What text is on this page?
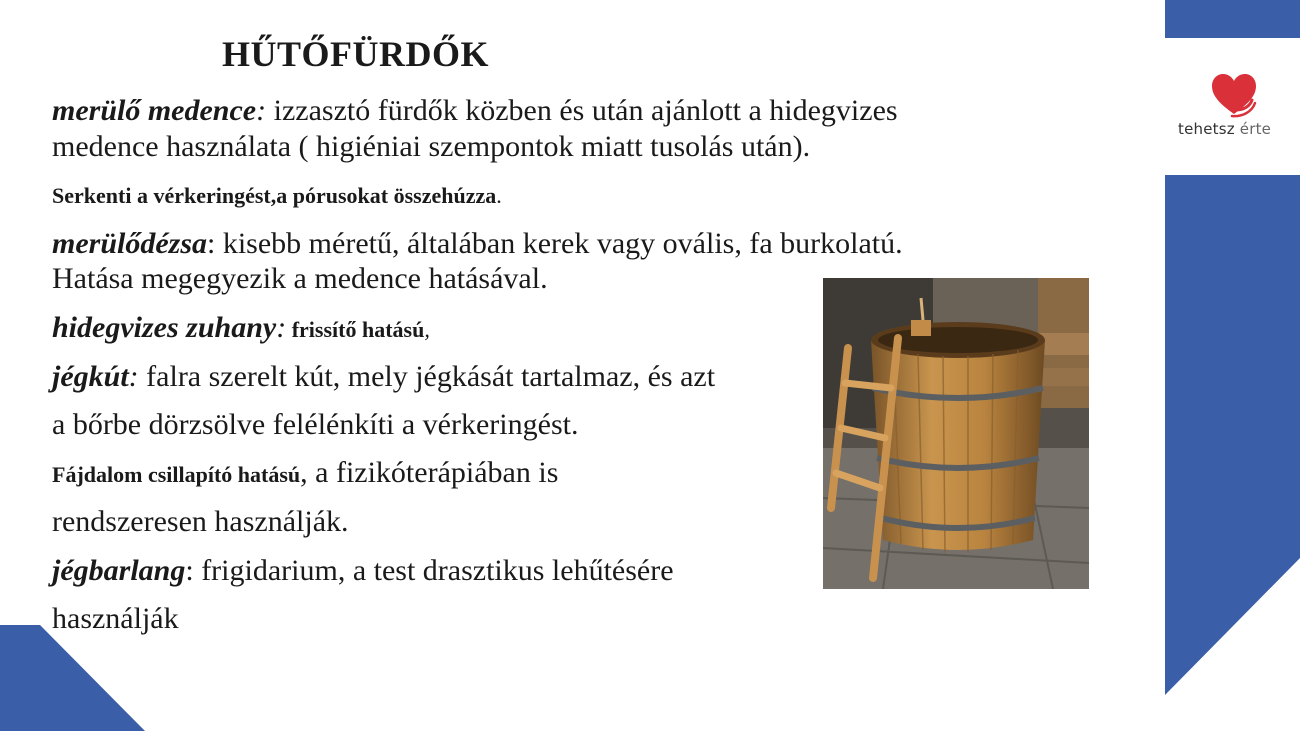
tehetsz érte
HŰTŐFÜRDŐK

merülő medence: izzasztó fürdők közben és után ajánlott a hidegvizes

medence használata ( higiéniai szempontok miatt tusolás után).

Serkenti a vérkeringést,a pórusokat összehúzza.

merülődézsa: kisebb méretű, általában kerek vagy ovális, fa burkolatú.

Hatása megegyezik a medence hatásával.

hidegvizes zuhany: frissítő hatású,

jégkút: falra szerelt kút, mely jégkását tartalmaz, és azt

a bőrbe dörzsölve felélénkíti a vérkeringést.

Fájdalom csillapító hatású, a fizikóterápiában is

rendszeresen használják.

jégbarlang: frigidarium, a test drasztikus lehűtésére

használják
